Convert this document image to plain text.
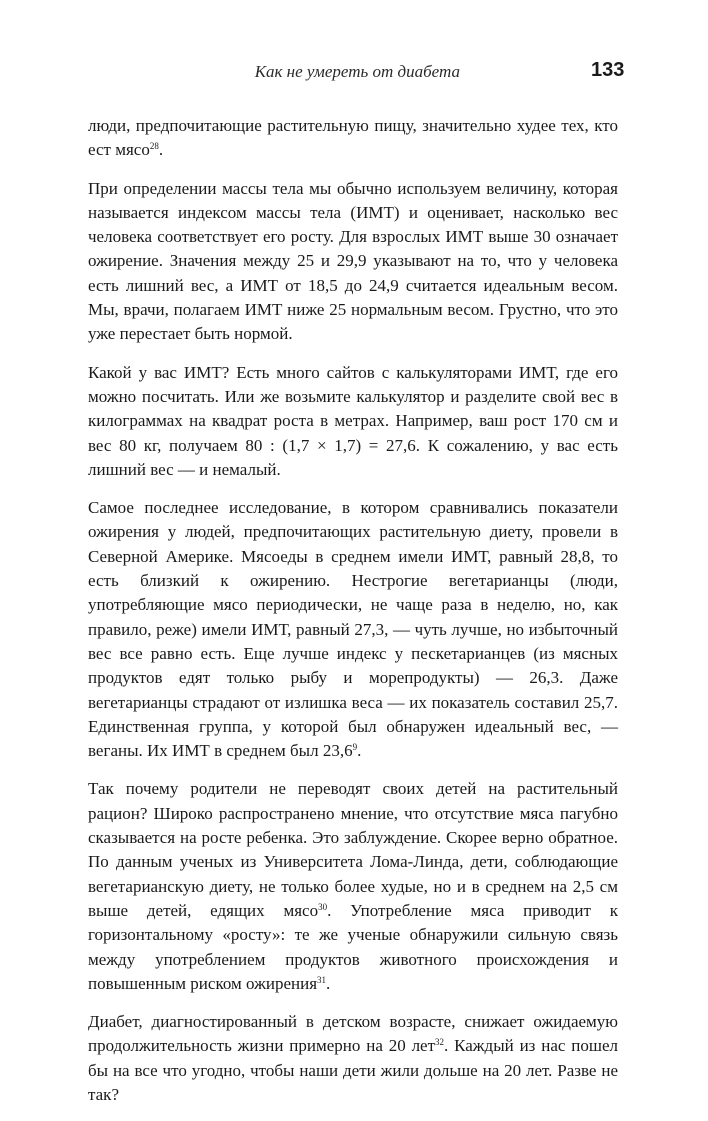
Как не умереть от диабета	133

люди, предпочитающие растительную пищу, значительно худее тех, кто ест мясо$^{28}$.

При определении массы тела мы обычно используем величину, которая называется индексом массы тела (ИМТ) и оценивает, насколько вес человека соответствует его росту. Для взрослых ИМТ выше 30 означает ожирение. Значения между 25 и 29,9 указывают на то, что у человека есть лишний вес, а ИМТ от 18,5 до 24,9 считается идеальным весом. Мы, врачи, полагаем ИМТ ниже 25 нормальным весом. Грустно, что это уже перестает быть нормой.

Какой у вас ИМТ? Есть много сайтов с калькуляторами ИМТ, где его можно посчитать. Или же возьмите калькулятор и разделите свой вес в килограммах на квадрат роста в метрах. Например, ваш рост 170 см и вес 80 кг, получаем 80 : (1,7 × 1,7) = 27,6. К сожалению, у вас есть лишний вес — и немалый.

Самое последнее исследование, в котором сравнивались показатели ожирения у людей, предпочитающих растительную диету, провели в Северной Америке. Мясоеды в среднем имели ИМТ, равный 28,8, то есть близкий к ожирению. Нестрогие вегетарианцы (люди, употребляющие мясо периодически, не чаще раза в неделю, но, как правило, реже) имели ИМТ, равный 27,3, — чуть лучше, но избыточный вес все равно есть. Еще лучше индекс у пескетарианцев (из мясных продуктов едят только рыбу и морепродукты) — 26,3. Даже вегетарианцы страдают от излишка веса — их показатель составил 25,7. Единственная группа, у которой был обнаружен идеальный вес, — веганы. Их ИМТ в среднем был 23,6$^9$.

Так почему родители не переводят своих детей на растительный рацион? Широко распространено мнение, что отсутствие мяса пагубно сказывается на росте ребенка. Это заблуждение. Скорее верно обратное. По данным ученых из Университета Лома-Линда, дети, соблюдающие вегетарианскую диету, не только более худые, но и в среднем на 2,5 см выше детей, едящих мясо$^{30}$. Употребление мяса приводит к горизонтальному «росту»: те же ученые обнаружили сильную связь между употреблением продуктов животного происхождения и повышенным риском ожирения$^{31}$.

Диабет, диагностированный в детском возрасте, снижает ожидаемую продолжительность жизни примерно на 20 лет$^{32}$. Каждый из нас пошел бы на все что угодно, чтобы наши дети жили дольше на 20 лет. Разве не так?
